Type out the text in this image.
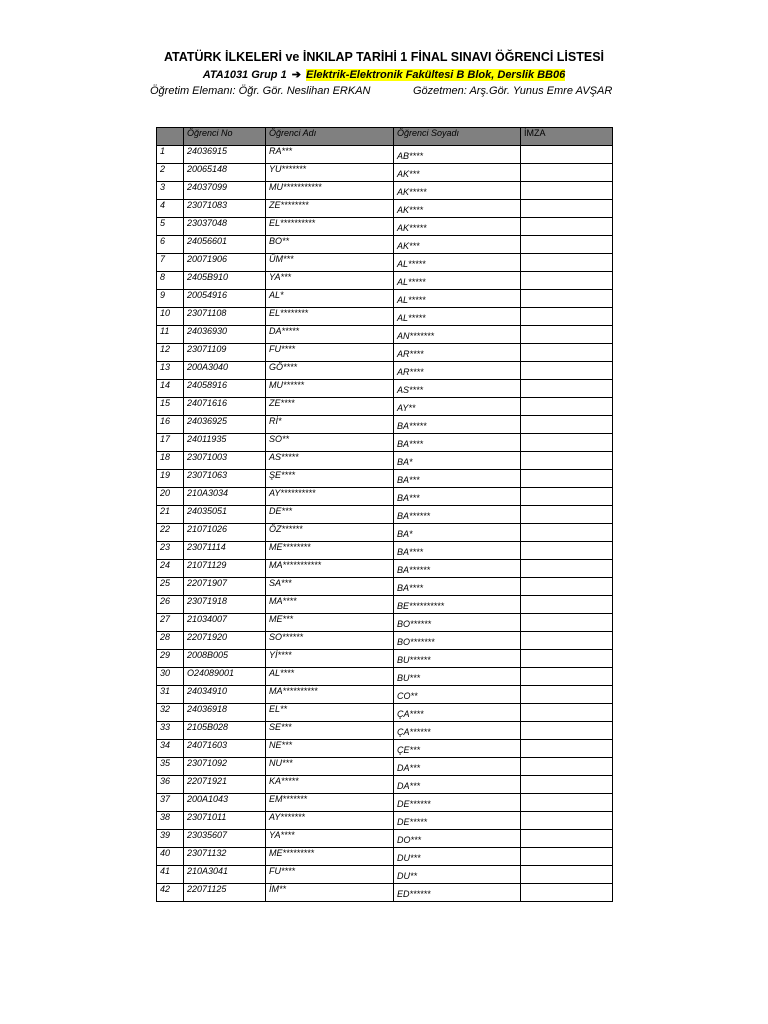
ATATÜRK İLKELERİ ve İNKILAP TARİHİ 1 FİNAL SINAVI ÖĞRENCİ LİSTESİ
ATA1031 Grup 1 ➔ Elektrik-Elektronik Fakültesi B Blok, Derslik BB06
Öğretim Elemanı: Öğr. Gör. Neslihan ERKAN	Gözetmen: Arş.Gör. Yunus Emre AVŞAR
	Öğrenci No	Öğrenci Adı	Öğrenci Soyadı	İMZA
1	24036915	RA***	AB****	
2	20065148	YU*******	AK***	
3	24037099	MU***********	AK*****	
4	23071083	ZE********	AK****	
5	23037048	EL**********	AK*****	
6	24056601	BO**	AK***	
7	20071906	ÜM***	AL*****	
8	2405B910	YA***	AL*****	
9	20054916	AL*	AL*****	
10	23071108	EL********	AL*****	
11	24036930	DA*****	AN*******	
12	23071109	FU****	AR****	
13	200A3040	GÖ****	AR****	
14	24058916	MU******	AS****	
15	24071616	ZE****	AY**	
16	24036925	Rİ*	BA*****	
17	24011935	SO**	BA****	
18	23071003	AS*****	BA*	
19	23071063	ŞE****	BA***	
20	210A3034	AY**********	BA***	
21	24035051	DE***	BA******	
22	21071026	ÖZ******	BA*	
23	23071114	ME********	BA****	
24	21071129	MA***********	BA******	
25	22071907	SA***	BA****	
26	23071918	MA****	BE**********	
27	21034007	ME***	BO******	
28	22071920	SO******	BO*******	
29	2008B005	Yİ****	BU******	
30	O24089001	AL****	BU***	
31	24034910	MA**********	CO**	
32	24036918	EL**	ÇA****	
33	2105B028	SE***	ÇA******	
34	24071603	NE***	ÇE***	
35	23071092	NU***	DA***	
36	22071921	KA*****	DA***	
37	200A1043	EM*******	DE******	
38	23071011	AY*******	DE*****	
39	23035607	YA****	DO***	
40	23071132	ME*********	DU***	
41	210A3041	FU****	DU**	
42	22071125	İM**	ED******	
